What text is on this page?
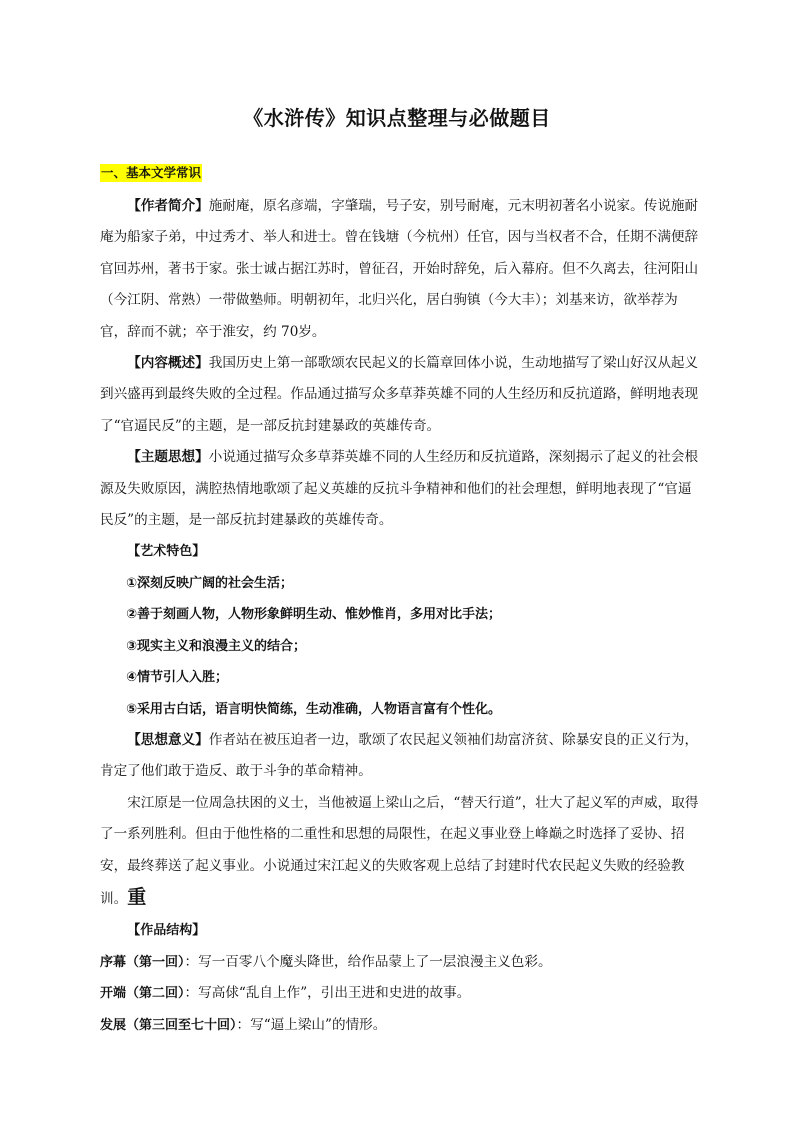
《水浒传》知识点整理与必做题目
一、基本文学常识

【作者简介】施耐庵，原名彦端，字肇瑞，号子安，别号耐庵，元末明初著名小说家。传说施耐庵为船家子弟，中过秀才、举人和进士。曾在钱塘（今杭州）任官，因与当权者不合，任期不满便辞官回苏州，著书于家。张士诚占据江苏时，曾征召，开始时辞免，后入幕府。但不久离去，往河阳山（今江阴、常熟）一带做塾师。明朝初年，北归兴化，居白驹镇（今大丰）；刘基来访，欲举荐为官，辞而不就；卒于淮安，约 70岁。

【内容概述】我国历史上第一部歌颂农民起义的长篇章回体小说，生动地描写了梁山好汉从起义到兴盛再到最终失败的全过程。作品通过描写众多草莽英雄不同的人生经历和反抗道路，鲜明地表现了“官逼民反”的主题，是一部反抗封建暴政的英雄传奇。

【主题思想】小说通过描写众多草莽英雄不同的人生经历和反抗道路，深刻揭示了起义的社会根源及失败原因，满腔热情地歌颂了起义英雄的反抗斗争精神和他们的社会理想，鲜明地表现了“官逼民反”的主题，是一部反抗封建暴政的英雄传奇。

【艺术特色】

①深刻反映广阔的社会生活；

②善于刻画人物，人物形象鲜明生动、惟妙惟肖，多用对比手法；

③现实主义和浪漫主义的结合；

④情节引人入胜；

⑤采用古白话，语言明快简练，生动准确，人物语言富有个性化。

【思想意义】作者站在被压迫者一边，歌颂了农民起义领袖们劫富济贫、除暴安良的正义行为，肯定了他们敢于造反、敢于斗争的革命精神。

宋江原是一位周急扶困的义士，当他被逼上梁山之后，“替天行道”，壮大了起义军的声威，取得了一系列胜利。但由于他性格的二重性和思想的局限性，在起义事业登上峰巅之时选择了妥协、招安，最终葬送了起义事业。小说通过宋江起义的失败客观上总结了封建时代农民起义失败的经验教训。重

【作品结构】

序幕（第一回）：写一百零八个魔头降世，给作品蒙上了一层浪漫主义色彩。

开端（第二回）：写高俅“乱自上作”，引出王进和史进的故事。

发展（第三回至七十回）：写“逼上梁山”的情形。
